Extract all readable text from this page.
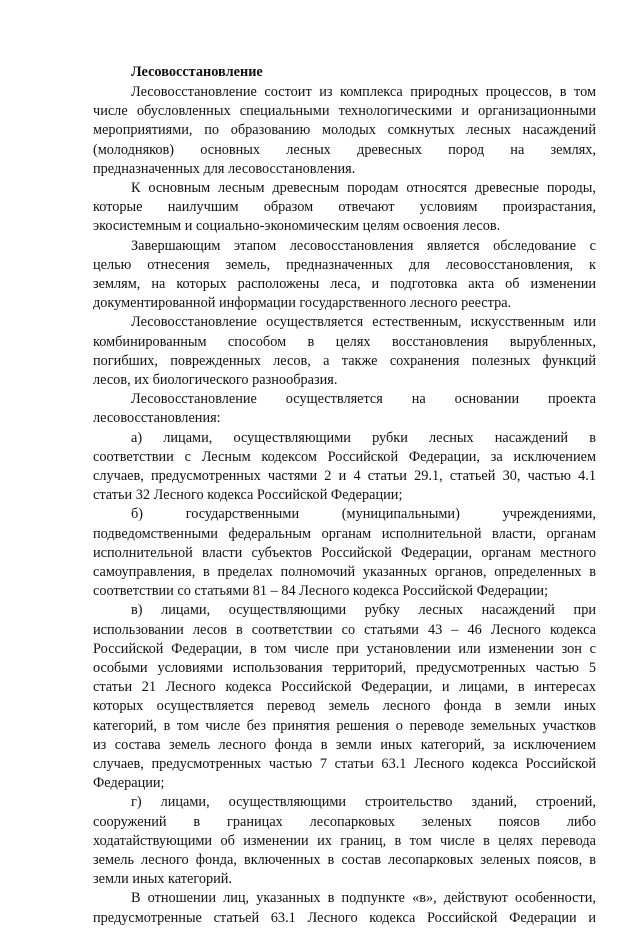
Лесовосстановление
Лесовосстановление состоит из комплекса природных процессов, в том
числе обусловленных специальными технологическими и организационными
мероприятиями, по образованию молодых сомкнутых лесных насаждений
(молодняков) основных лесных древесных пород на землях,
предназначенных для лесовосстановления.
К основным лесным древесным породам относятся древесные породы,
которые наилучшим образом отвечают условиям произрастания,
экосистемным и социально-экономическим целям освоения лесов.
Завершающим этапом лесовосстановления является обследование с
целью отнесения земель, предназначенных для лесовосстановления, к
землям, на которых расположены леса, и подготовка акта об изменении
документированной информации государственного лесного реестра.
Лесовосстановление осуществляется естественным, искусственным или
комбинированным способом в целях восстановления вырубленных,
погибших, поврежденных лесов, а также сохранения полезных функций
лесов, их биологического разнообразия.
Лесовосстановление осуществляется на основании проекта
лесовосстановления:
а) лицами, осуществляющими рубки лесных насаждений в
соответствии с Лесным кодексом Российской Федерации, за исключением
случаев, предусмотренных частями 2 и 4 статьи 29.1, статьей 30, частью 4.1
статьи 32 Лесного кодекса Российской Федерации;
б) государственными (муниципальными) учреждениями,
подведомственными федеральным органам исполнительной власти, органам
исполнительной власти субъектов Российской Федерации, органам местного
самоуправления, в пределах полномочий указанных органов, определенных в
соответствии со статьями 81 – 84 Лесного кодекса Российской Федерации;
в) лицами, осуществляющими рубку лесных насаждений при
использовании лесов в соответствии со статьями 43 – 46 Лесного кодекса
Российской Федерации, в том числе при установлении или изменении зон с
особыми условиями использования территорий, предусмотренных частью 5
статьи 21 Лесного кодекса Российской Федерации, и лицами, в интересах
которых осуществляется перевод земель лесного фонда в земли иных
категорий, в том числе без принятия решения о переводе земельных участков
из состава земель лесного фонда в земли иных категорий, за исключением
случаев, предусмотренных частью 7 статьи 63.1 Лесного кодекса Российской
Федерации;
г) лицами, осуществляющими строительство зданий, строений,
сооружений в границах лесопарковых зеленых поясов либо
ходатайствующими об изменении их границ, в том числе в целях перевода
земель лесного фонда, включенных в состав лесопарковых зеленых поясов, в
земли иных категорий.
В отношении лиц, указанных в подпункте «в», действуют особенности,
предусмотренные статьей 63.1 Лесного кодекса Российской Федерации и
